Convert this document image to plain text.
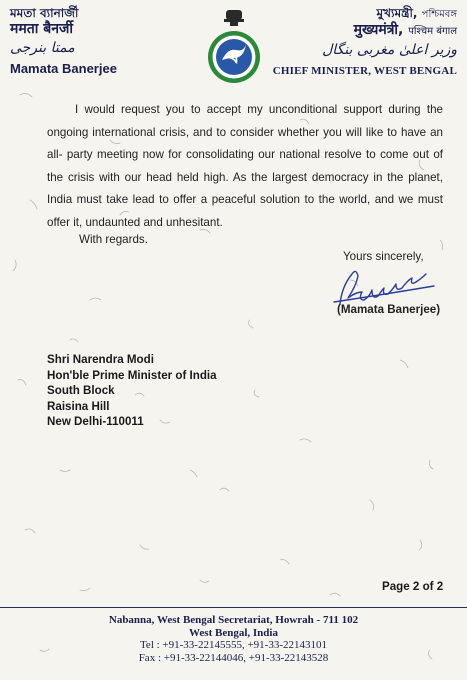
মমতা ব্যানার্জী
ममता बैनर्जी
ممتا بنرجی
Mamata Banerjee
ব
মুখ্যমন্ত্রী, পশ্চিমবঙ্গ
मुख्यमंत्री, पश्चिम बंगाल
وزیر اعلیٰ مغربی بنگال
CHIEF MINISTER, WEST BENGAL

I would request you to accept my unconditional support during the ongoing international crisis, and to consider whether you will like to have an all- party meeting now for consolidating our national resolve to come out of the crisis with our head held high. As the largest democracy in the planet, India must take lead to offer a peaceful solution to the world, and we must offer it, undaunted and unhesitant.

With regards.
Yours sincerely,
(Mamata Banerjee)
Shri Narendra Modi
Hon'ble Prime Minister of India
South Block
Raisina Hill
New Delhi-110011
Page 2 of 2
Nabanna, West Bengal Secretariat, Howrah - 711 102
West Bengal, India
Tel : +91-33-22145555, +91-33-22143101
Fax : +91-33-22144046, +91-33-22143528
